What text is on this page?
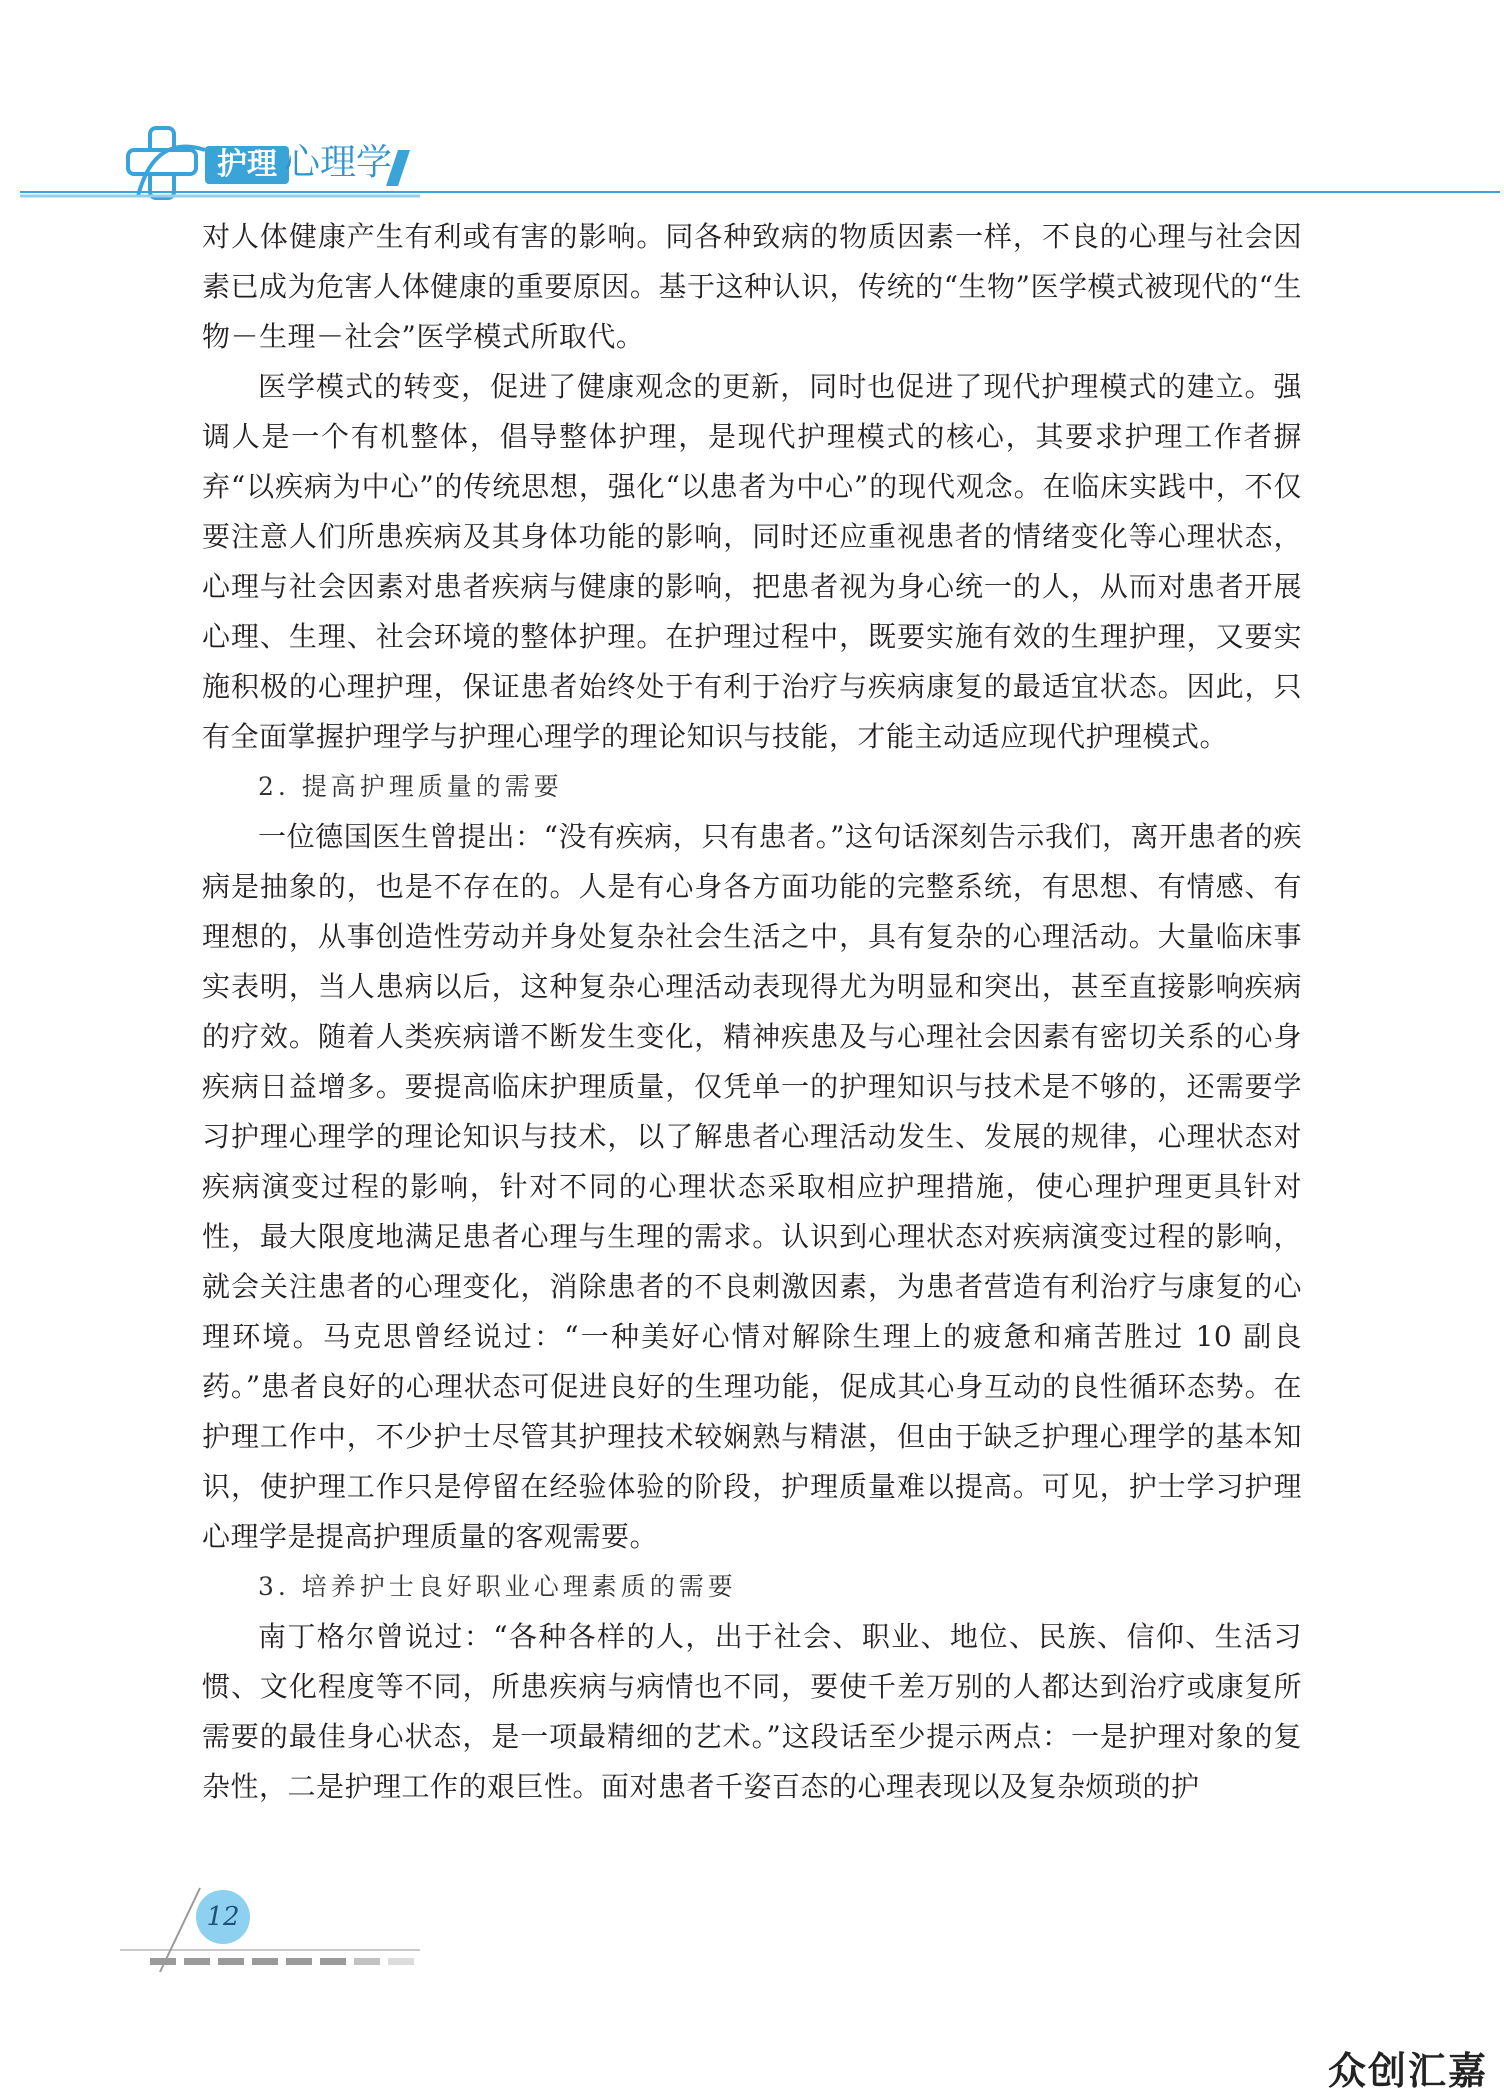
护理 心理学

对人体健康产生有利或有害的影响。同各种致病的物质因素一样，不良的心理与社会因素已成为危害人体健康的重要原因。基于这种认识，传统的“生物”医学模式被现代的“生物－生理－社会”医学模式所取代。

医学模式的转变，促进了健康观念的更新，同时也促进了现代护理模式的建立。强调人是一个有机整体，倡导整体护理，是现代护理模式的核心，其要求护理工作者摒弃“以疾病为中心”的传统思想，强化“以患者为中心”的现代观念。在临床实践中，不仅要注意人们所患疾病及其身体功能的影响，同时还应重视患者的情绪变化等心理状态，心理与社会因素对患者疾病与健康的影响，把患者视为身心统一的人，从而对患者开展心理、生理、社会环境的整体护理。在护理过程中，既要实施有效的生理护理，又要实施积极的心理护理，保证患者始终处于有利于治疗与疾病康复的最适宜状态。因此，只有全面掌握护理学与护理心理学的理论知识与技能，才能主动适应现代护理模式。

2. 提高护理质量的需要

一位德国医生曾提出：“没有疾病，只有患者。”这句话深刻告示我们，离开患者的疾病是抽象的，也是不存在的。人是有心身各方面功能的完整系统，有思想、有情感、有理想的，从事创造性劳动并身处复杂社会生活之中，具有复杂的心理活动。大量临床事实表明，当人患病以后，这种复杂心理活动表现得尤为明显和突出，甚至直接影响疾病的疗效。随着人类疾病谱不断发生变化，精神疾患及与心理社会因素有密切关系的心身疾病日益增多。要提高临床护理质量，仅凭单一的护理知识与技术是不够的，还需要学习护理心理学的理论知识与技术，以了解患者心理活动发生、发展的规律，心理状态对疾病演变过程的影响，针对不同的心理状态采取相应护理措施，使心理护理更具针对性，最大限度地满足患者心理与生理的需求。认识到心理状态对疾病演变过程的影响，就会关注患者的心理变化，消除患者的不良刺激因素，为患者营造有利治疗与康复的心理环境。马克思曾经说过：“一种美好心情对解除生理上的疲惫和痛苦胜过 10 副良药。”患者良好的心理状态可促进良好的生理功能，促成其心身互动的良性循环态势。在护理工作中，不少护士尽管其护理技术较娴熟与精湛，但由于缺乏护理心理学的基本知识，使护理工作只是停留在经验体验的阶段，护理质量难以提高。可见，护士学习护理心理学是提高护理质量的客观需要。

3. 培养护士良好职业心理素质的需要

南丁格尔曾说过：“各种各样的人，出于社会、职业、地位、民族、信仰、生活习惯、文化程度等不同，所患疾病与病情也不同，要使千差万别的人都达到治疗或康复所需要的最佳身心状态，是一项最精细的艺术。”这段话至少提示两点：一是护理对象的复杂性，二是护理工作的艰巨性。面对患者千姿百态的心理表现以及复杂烦琐的护

12
众创汇嘉
